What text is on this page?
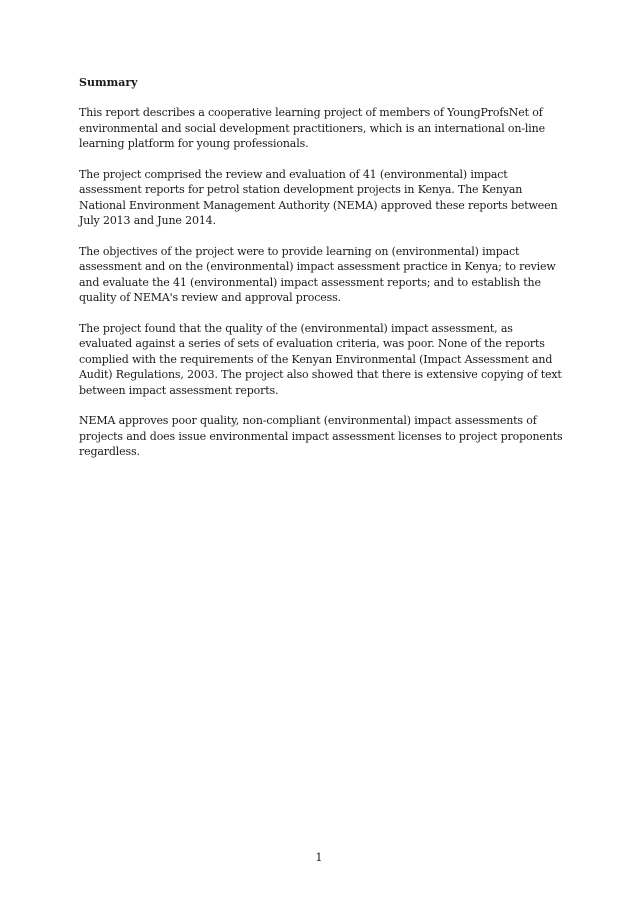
Summary

This report describes a cooperative learning project of members of YoungProfsNet of environmental and social development practitioners, which is an international on-line learning platform for young professionals.

The project comprised the review and evaluation of 41 (environmental) impact assessment reports for petrol station development projects in Kenya. The Kenyan National Environment Management Authority (NEMA) approved these reports between July 2013 and June 2014.

The objectives of the project were to provide learning on (environmental) impact assessment and on the (environmental) impact assessment practice in Kenya; to review and evaluate the 41 (environmental) impact assessment reports; and to establish the quality of NEMA's review and approval process.

The project found that the quality of the (environmental) impact assessment, as evaluated against a series of sets of evaluation criteria, was poor. None of the reports complied with the requirements of the Kenyan Environmental (Impact Assessment and Audit) Regulations, 2003. The project also showed that there is extensive copying of text between impact assessment reports.

NEMA approves poor quality, non-compliant (environmental) impact assessments of projects and does issue environmental impact assessment licenses to project proponents regardless.

1
